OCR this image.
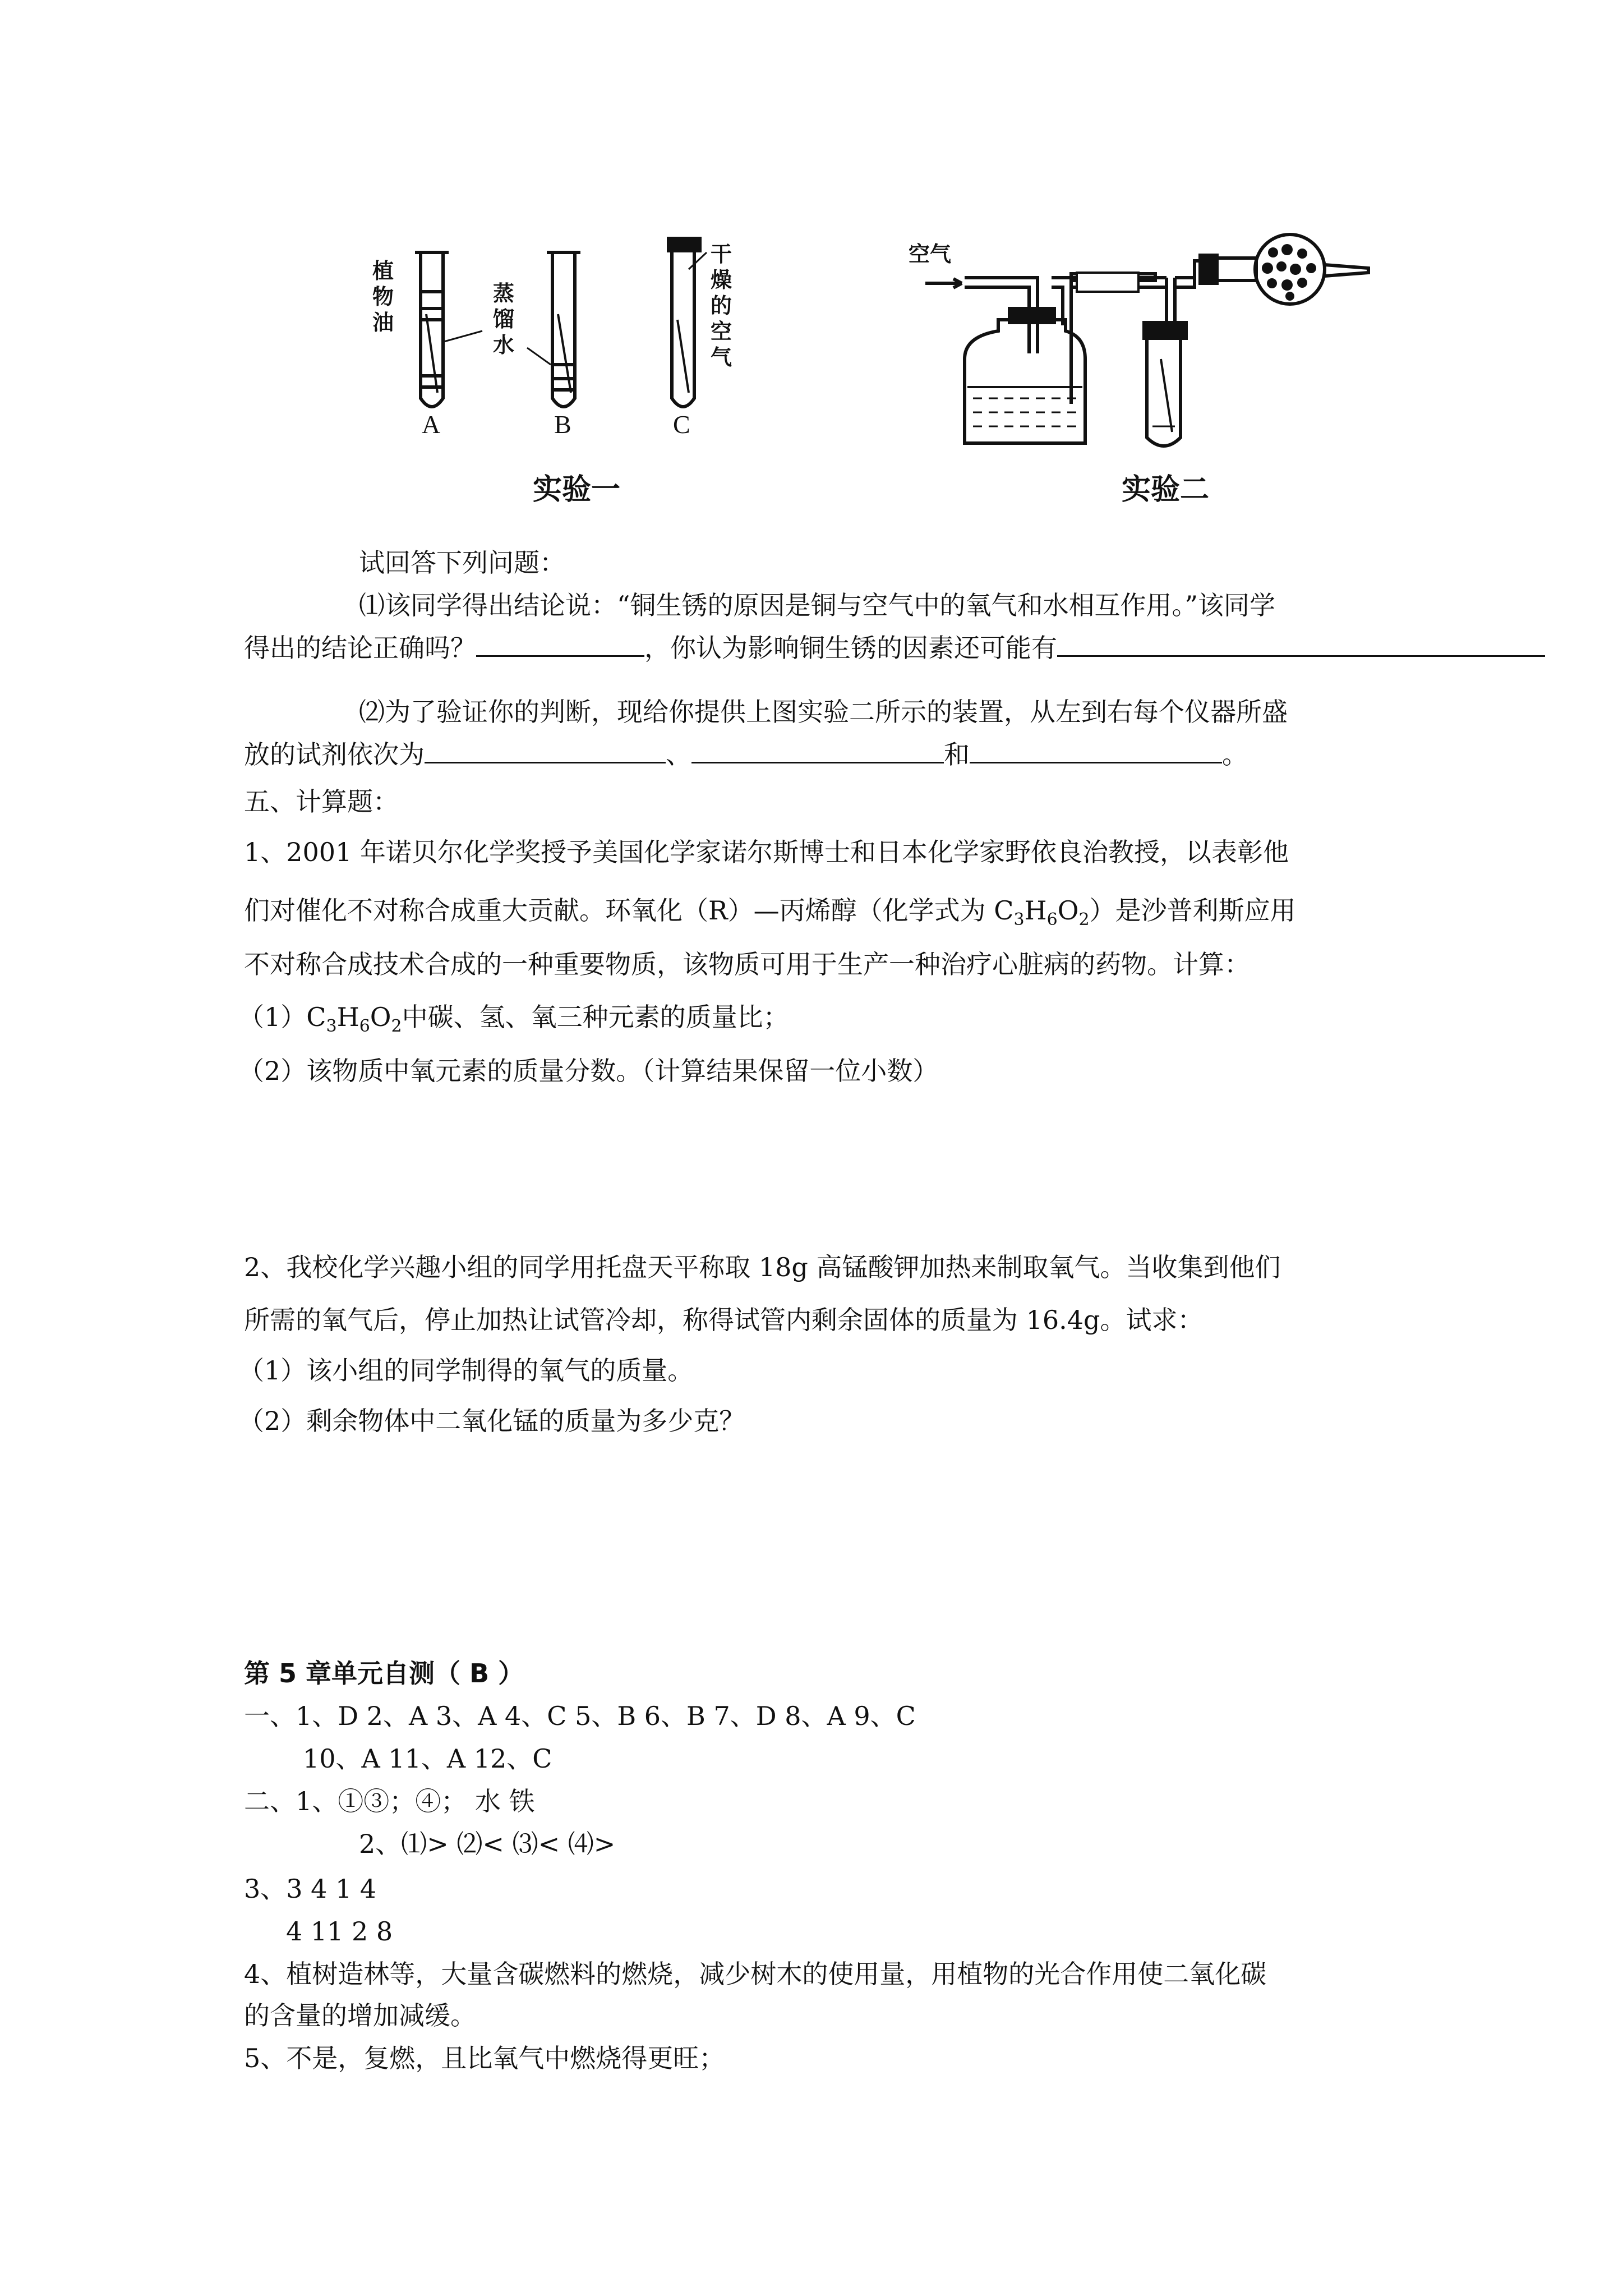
植物油
蒸馏水
干燥的空气
A	B	C
实验一
空气
实验二
试回答下列问题：
⑴该同学得出结论说：“铜生锈的原因是铜与空气中的氧气和水相互作用。”该同学
得出的结论正确吗？	，你认为影响铜生锈的因素还可能有
⑵为了验证你的判断，现给你提供上图实验二所示的装置，从左到右每个仪器所盛
放的试剂依次为	、	和	。
五、计算题：
1、2001 年诺贝尔化学奖授予美国化学家诺尔斯博士和日本化学家野依良治教授，以表彰他
们对催化不对称合成重大贡献。环氧化（R）—丙烯醇（化学式为 $C_3H_6O_2$）是沙普利斯应用
不对称合成技术合成的一种重要物质，该物质可用于生产一种治疗心脏病的药物。计算：
$(1)C_3H_6O_2$中碳、氢、氧三种元素的质量比；
（2）该物质中氧元素的质量分数。（计算结果保留一位小数）
2、我校化学兴趣小组的同学用托盘天平称取 18g 高锰酸钾加热来制取氧气。当收集到他们
所需的氧气后，停止加热让试管冷却，称得试管内剩余固体的质量为 16.4g。试求：
（1）该小组的同学制得的氧气的质量。
（2）剩余物体中二氧化锰的质量为多少克？
第 5 章单元自测（ B ）
一、1、D 2、A 3、A 4、C 5、B 6、B 7、D 8、A 9、C
10、A 11、A 12、C
二、1、①③；④； 水 铁
2、⑴> ⑵< ⑶< ⑷>
3、3 4 1 4
4 11 2 8
4、植树造林等，大量含碳燃料的燃烧，减少树木的使用量，用植物的光合作用使二氧化碳
的含量的增加减缓。
5、不是，复燃，且比氧气中燃烧得更旺；
